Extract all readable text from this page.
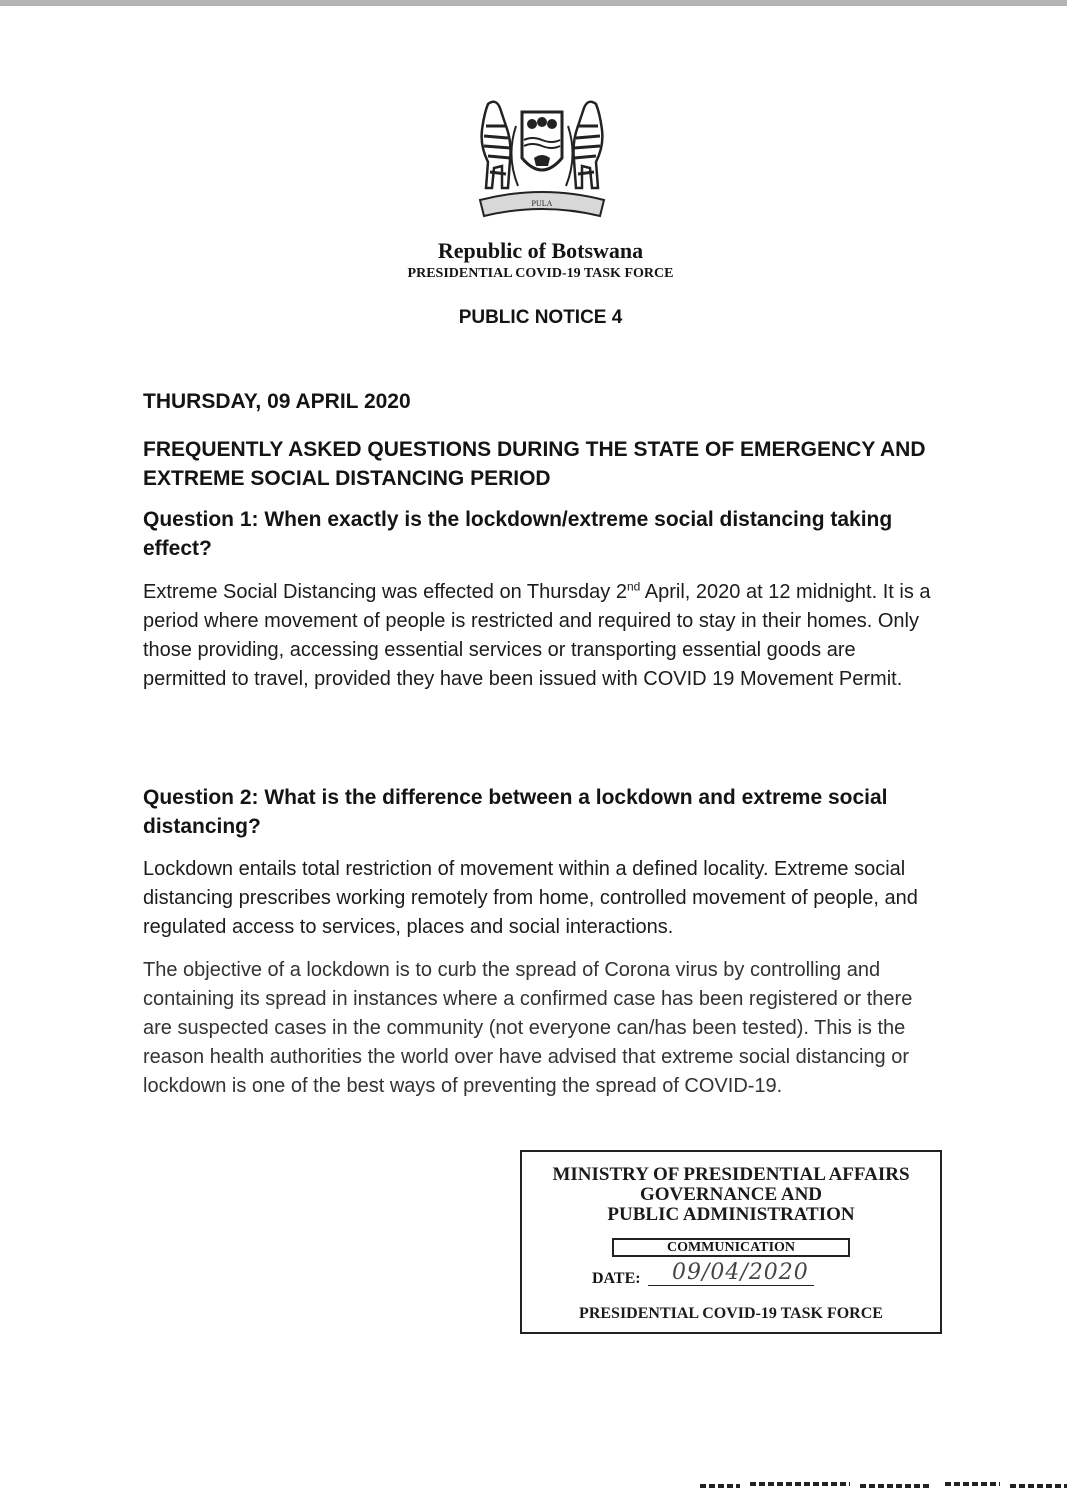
PULA
Republic of Botswana
PRESIDENTIAL COVID-19 TASK FORCE
PUBLIC NOTICE 4
THURSDAY, 09 APRIL 2020
FREQUENTLY ASKED QUESTIONS DURING THE STATE OF EMERGENCY AND EXTREME SOCIAL DISTANCING PERIOD
Question 1: When exactly is the lockdown/extreme social distancing taking effect?
Extreme Social Distancing was effected on Thursday 2nd April, 2020 at 12 midnight. It is a period where movement of people is restricted and required to stay in their homes. Only those providing, accessing essential services or transporting essential goods are permitted to travel, provided they have been issued with COVID 19 Movement Permit.
Question 2: What is the difference between a lockdown and extreme social distancing?
Lockdown entails total restriction of movement within a defined locality. Extreme social distancing prescribes working remotely from home, controlled movement of people, and regulated access to services, places and social interactions.
The objective of a lockdown is to curb the spread of Corona virus by controlling and containing its spread in instances where a confirmed case has been registered or there are suspected cases in the community (not everyone can/has been tested). This is the reason health authorities the world over have advised that extreme social distancing or lockdown is one of the best ways of preventing the spread of COVID-19.
MINISTRY OF PRESIDENTIAL AFFAIRS
GOVERNANCE AND
PUBLIC ADMINISTRATION
COMMUNICATION
DATE:	09/04/2020
PRESIDENTIAL COVID-19 TASK FORCE
